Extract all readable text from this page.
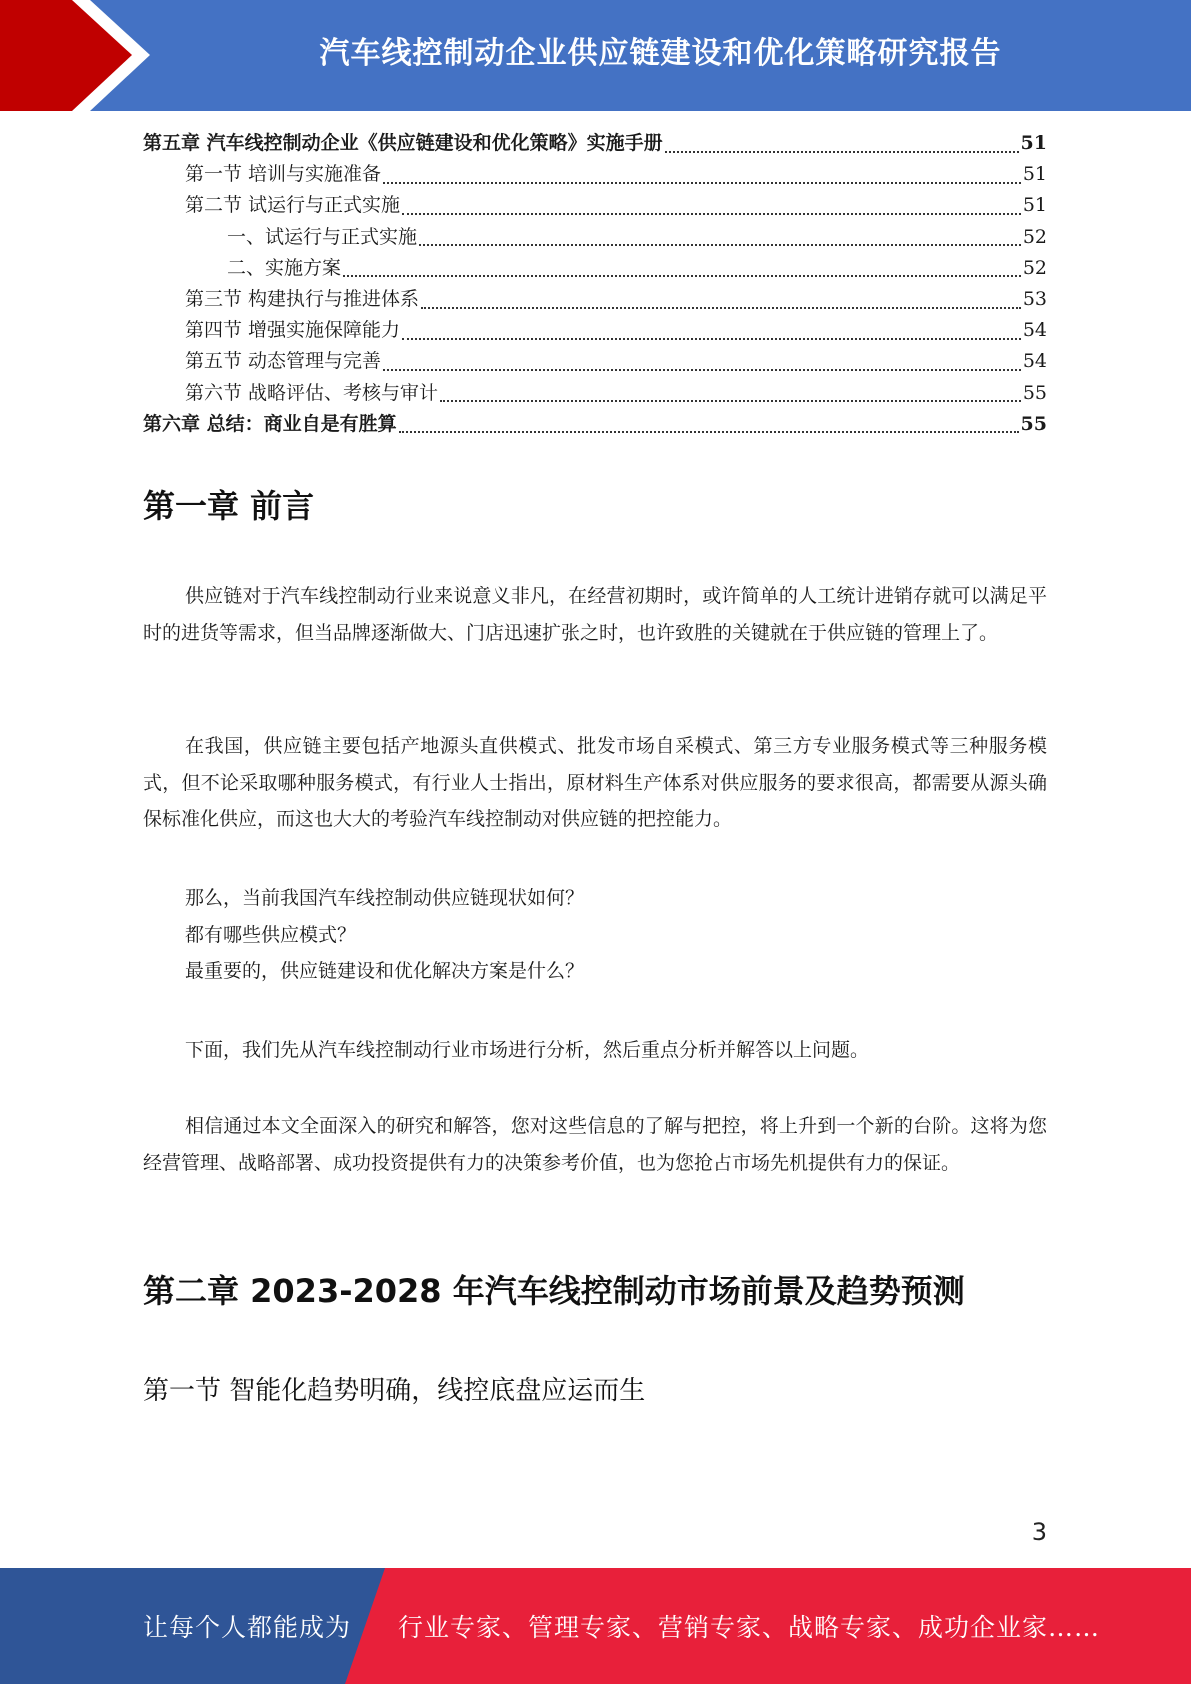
汽车线控制动企业供应链建设和优化策略研究报告
第五章 汽车线控制动企业《供应链建设和优化策略》实施手册	51
第一节 培训与实施准备	51
第二节 试运行与正式实施	51
一、试运行与正式实施	52
二、实施方案	52
第三节 构建执行与推进体系	53
第四节 增强实施保障能力	54
第五节 动态管理与完善	54
第六节 战略评估、考核与审计	55
第六章 总结：商业自是有胜算	55
第一章 前言

供应链对于汽车线控制动行业来说意义非凡，在经营初期时，或许简单的人工统计进销存就可以满足平时的进货等需求，但当品牌逐渐做大、门店迅速扩张之时，也许致胜的关键就在于供应链的管理上了。

在我国，供应链主要包括产地源头直供模式、批发市场自采模式、第三方专业服务模式等三种服务模式，但不论采取哪种服务模式，有行业人士指出，原材料生产体系对供应服务的要求很高，都需要从源头确保标准化供应，而这也大大的考验汽车线控制动对供应链的把控能力。

那么，当前我国汽车线控制动供应链现状如何？

都有哪些供应模式？

最重要的，供应链建设和优化解决方案是什么？

下面，我们先从汽车线控制动行业市场进行分析，然后重点分析并解答以上问题。

相信通过本文全面深入的研究和解答，您对这些信息的了解与把控，将上升到一个新的台阶。这将为您经营管理、战略部署、成功投资提供有力的决策参考价值，也为您抢占市场先机提供有力的保证。

第二章 2023-2028 年汽车线控制动市场前景及趋势预测
第一节 智能化趋势明确，线控底盘应运而生
3
让每个人都能成为 行业专家、管理专家、营销专家、战略专家、成功企业家……
